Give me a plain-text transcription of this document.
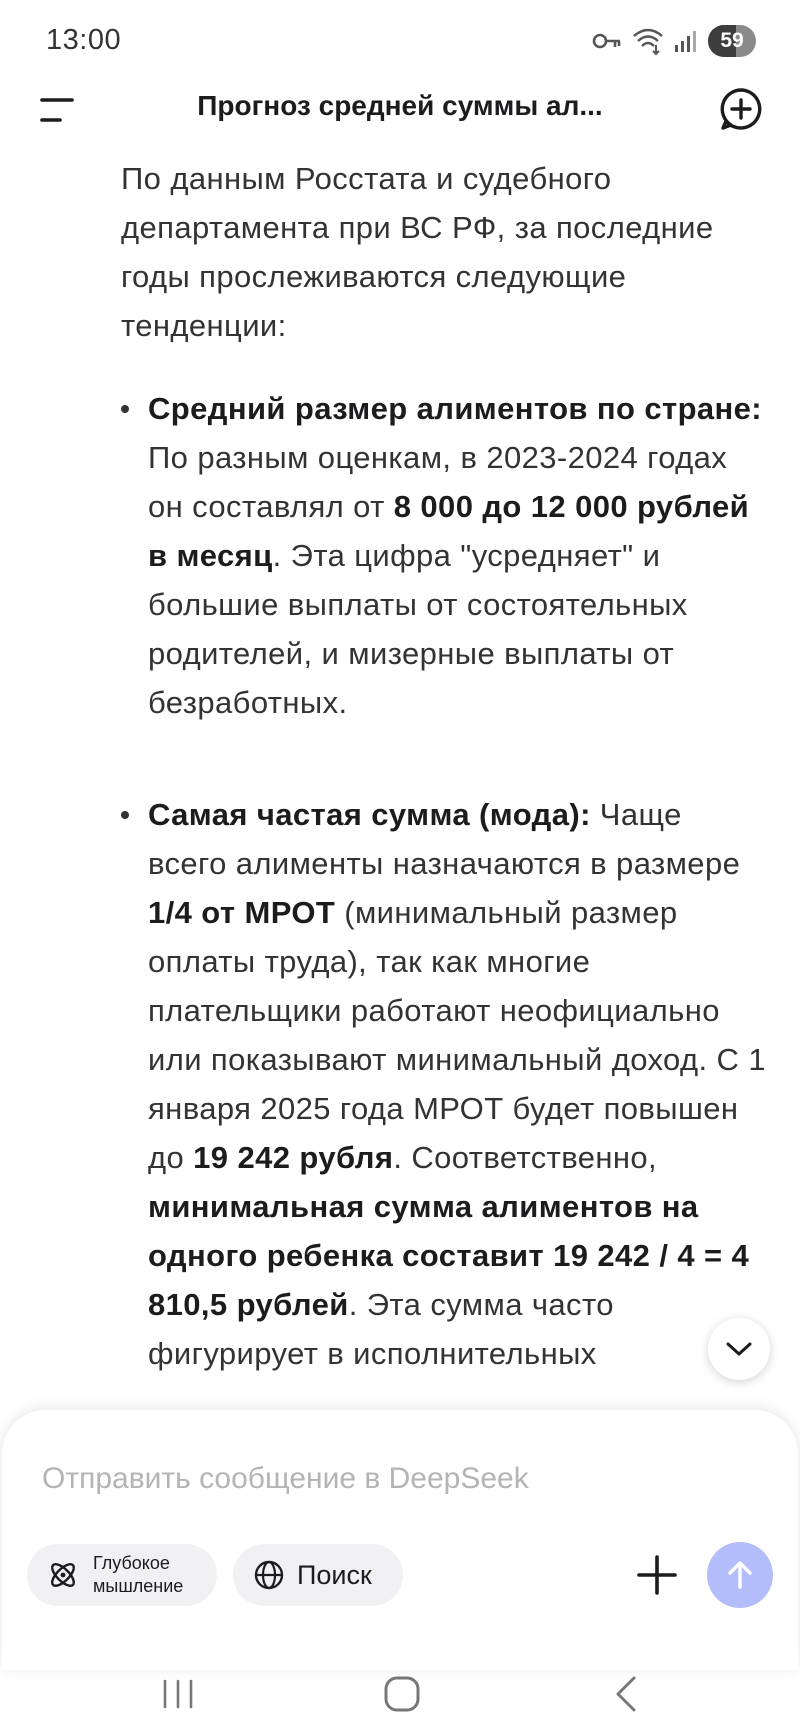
13:00	59
Прогноз средней суммы ал...

По данным Росстата и судебного департамента при ВС РФ, за последние годы прослеживаются следующие тенденции:

Средний размер алиментов по стране: По разным оценкам, в 2023-2024 годах он составлял от 8 000 до 12 000 рублей в месяц. Эта цифра "усредняет" и большие выплаты от состоятельных родителей, и мизерные выплаты от безработных.
Самая частая сумма (мода): Чаще всего алименты назначаются в размере 1/4 от МРОТ (минимальный размер оплаты труда), так как многие плательщики работают неофициально или показывают минимальный доход. С 1 января 2025 года МРОТ будет повышен до 19 242 рубля. Соответственно, минимальная сумма алиментов на одного ребенка составит 19 242 / 4 = 4 810,5 рублей. Эта сумма часто фигурирует в исполнительных
Отправить сообщение в DeepSeek
Глубокое мышление	Поиск
